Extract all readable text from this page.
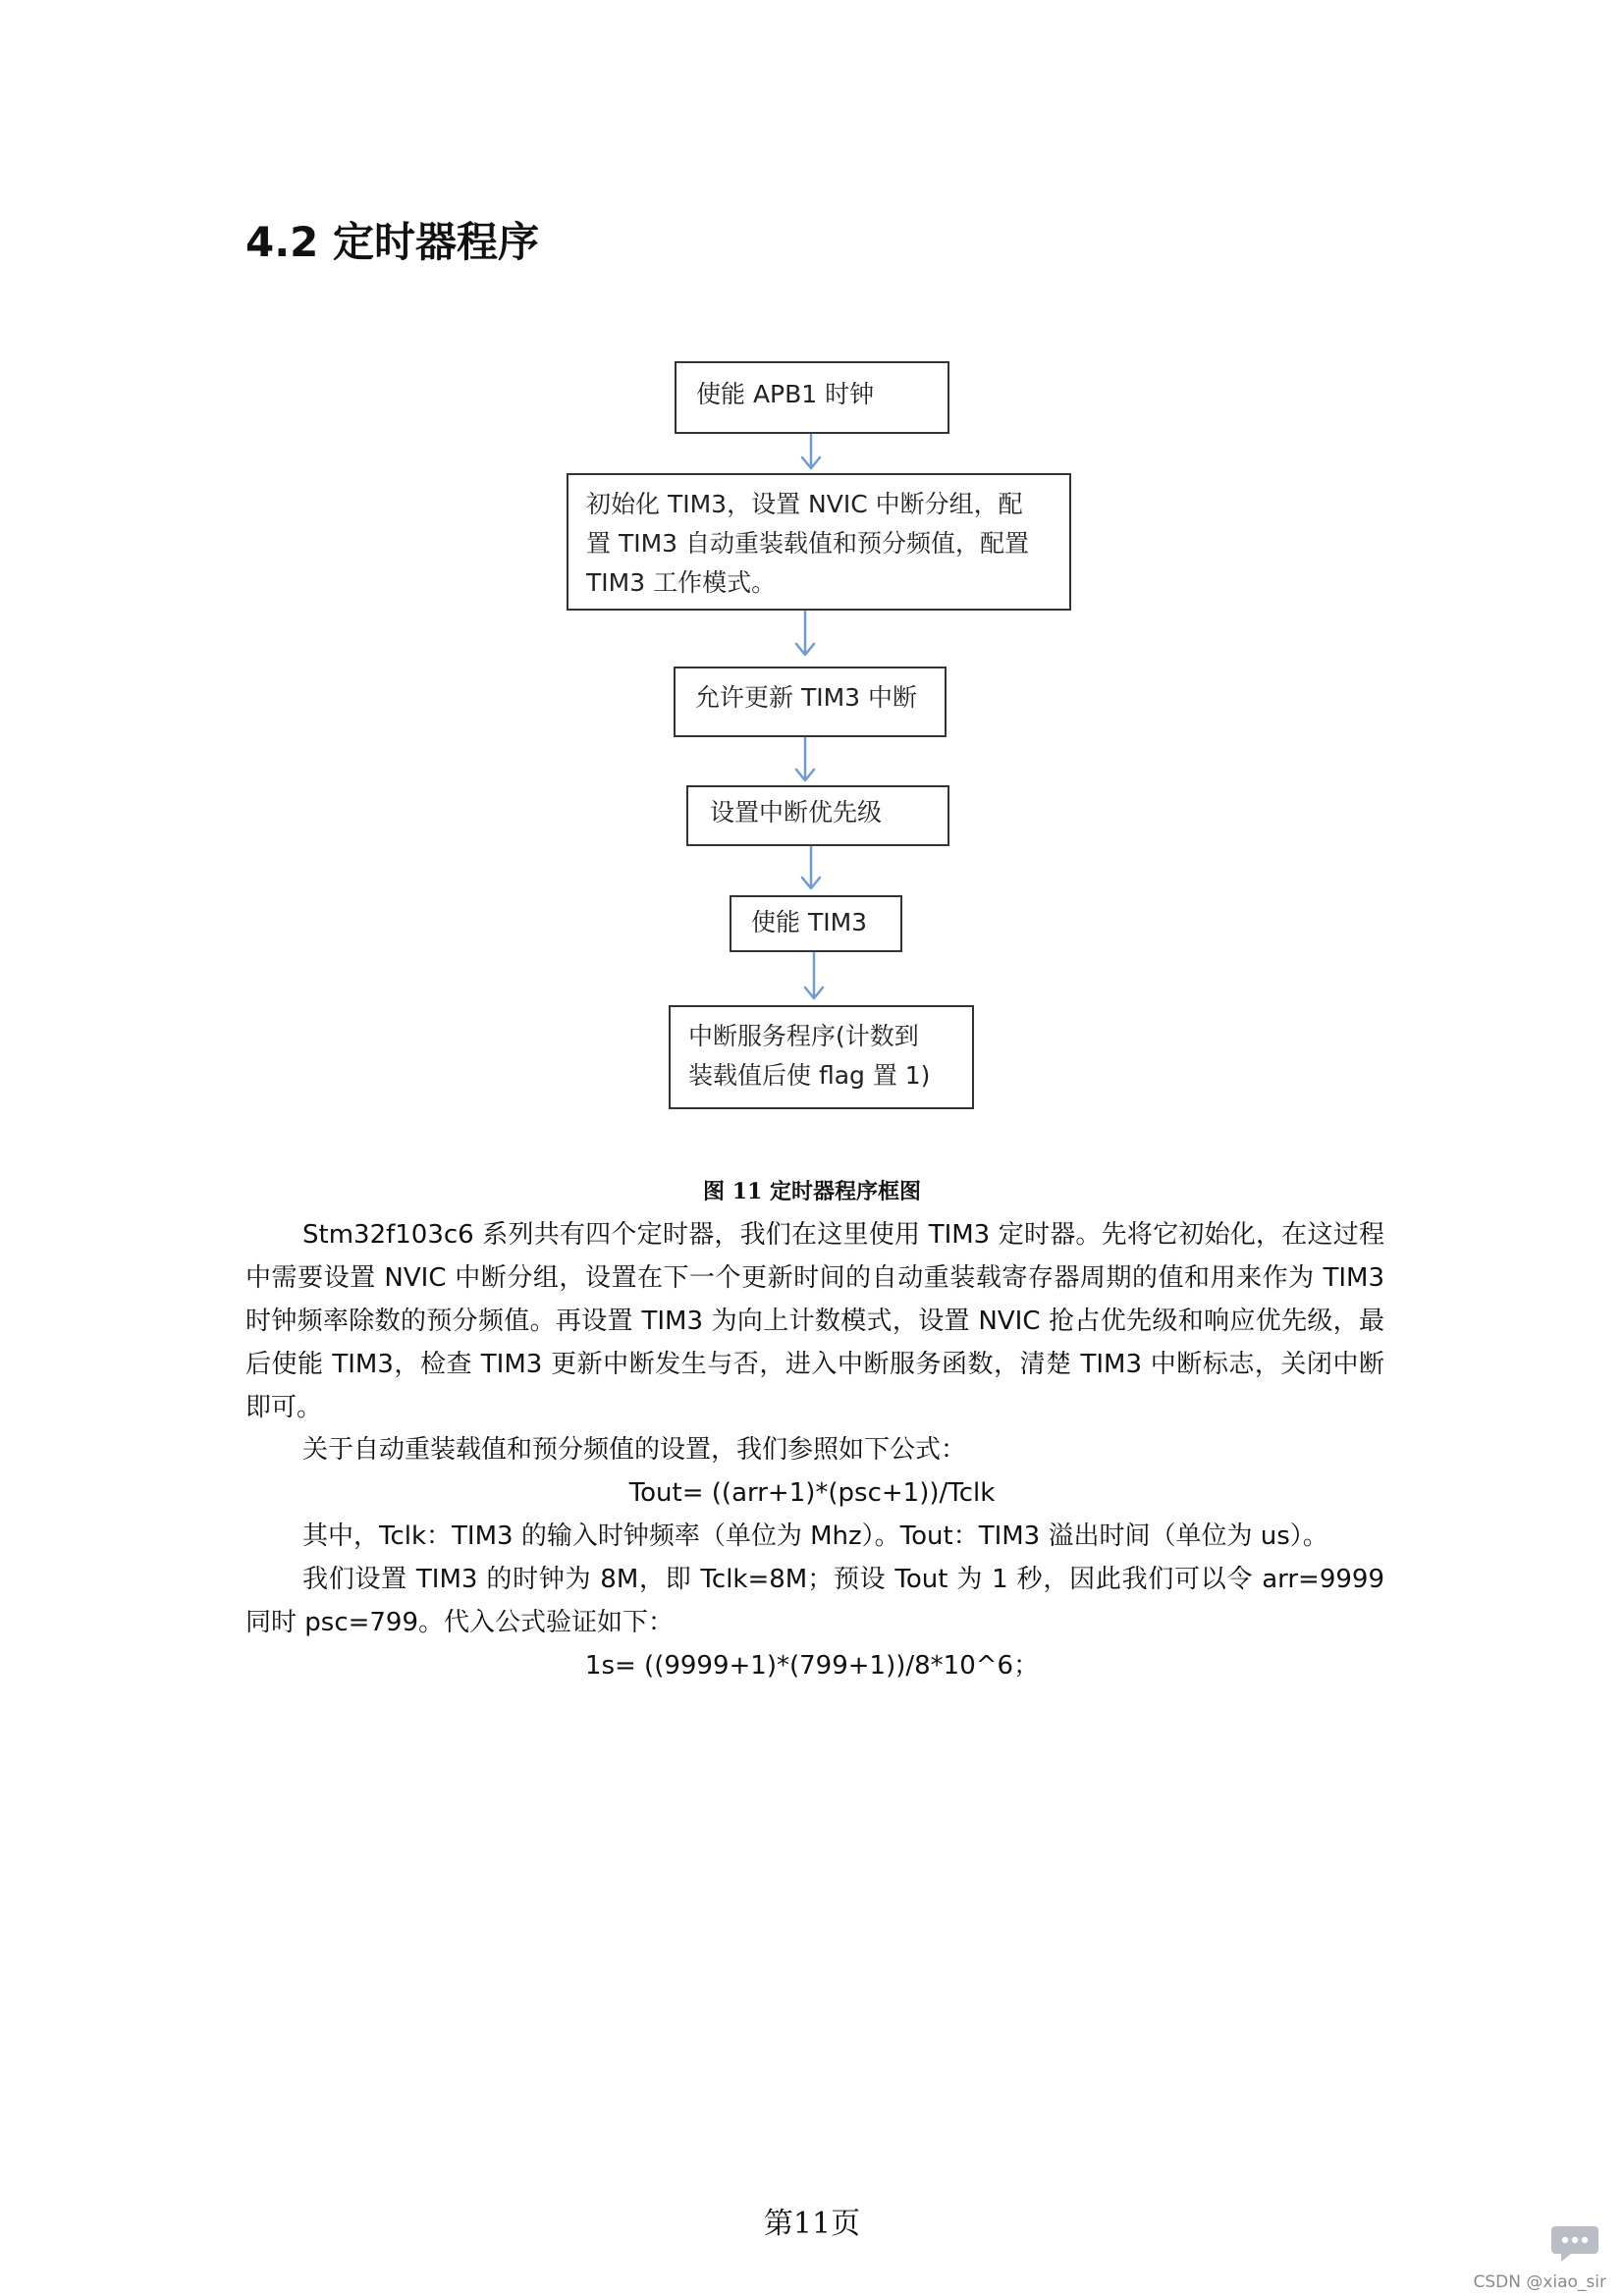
4.2 定时器程序
使能 APB1 时钟
初始化 TIM3，设置 NVIC 中断分组，配
置 TIM3 自动重装载值和预分频值，配置
TIM3 工作模式。
允许更新 TIM3 中断
设置中断优先级
使能 TIM3
中断服务程序(计数到
装载值后使 flag 置 1)
图 11 定时器程序框图

Stm32f103c6 系列共有四个定时器，我们在这里使用 TIM3 定时器。先将它初始化，在这过程中需要设置 NVIC 中断分组，设置在下一个更新时间的自动重装载寄存器周期的值和用来作为 TIM3 时钟频率除数的预分频值。再设置 TIM3 为向上计数模式，设置 NVIC 抢占优先级和响应优先级，最后使能 TIM3，检查 TIM3 更新中断发生与否，进入中断服务函数，清楚 TIM3 中断标志，关闭中断即可。

关于自动重装载值和预分频值的设置，我们参照如下公式：

Tout= ((arr+1)*(psc+1))/Tclk

其中，Tclk：TIM3 的输入时钟频率（单位为 Mhz）。Tout：TIM3 溢出时间（单位为 us）。

我们设置 TIM3 的时钟为 8M，即 Tclk=8M；预设 Tout 为 1 秒，因此我们可以令 arr=9999 同时 psc=799。代入公式验证如下：

1s= ((9999+1)*(799+1))/8*10^6；

第11页
CSDN @xiao_sir
